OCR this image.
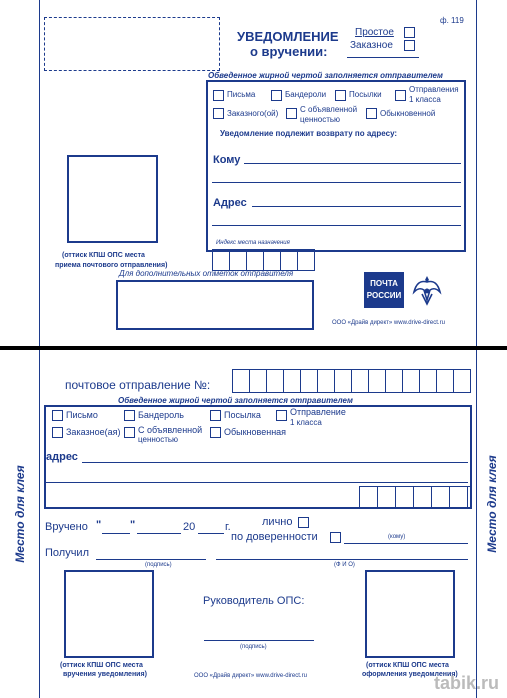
ф. 119
УВЕДОМЛЕНИЕ
о вручении:
Простое
Заказное
Обведенное жирной чертой заполняется отправителем
Письма	Бандероли	Посылки
Отправления
1 класса
Заказного(ой)	С объявленной
ценностью
Обыкновенной
Уведомление подлежит возврату по адресу:
Кому
Адрес
Индекс места назначения
(оттиск КПШ ОПС места
приема почтового отправления)
Для дополнительных отметок отправителя
ПОЧТА
РОССИИ
ООО «Драйв директ» www.drive-direct.ru
почтовое отправление №:
Обведенное жирной чертой заполняется отправителем
Письмо	Бандероль	Посылка	Отправление
1 класса
Заказное(ая) С объявленной
ценностью
Обыкновенная
адрес
Вручено "	"	20	г.	лично
по доверенности	(кому)
Получил
(подпись)	(Ф И О)
(оттиск КПШ ОПС места
вручения уведомления)
(оттиск КПШ ОПС места
оформления уведомления)
Руководитель ОПС:
(подпись)
ООО «Драйв директ» www.drive-direct.ru
Место для клея	Место для клея
tabik.ru
